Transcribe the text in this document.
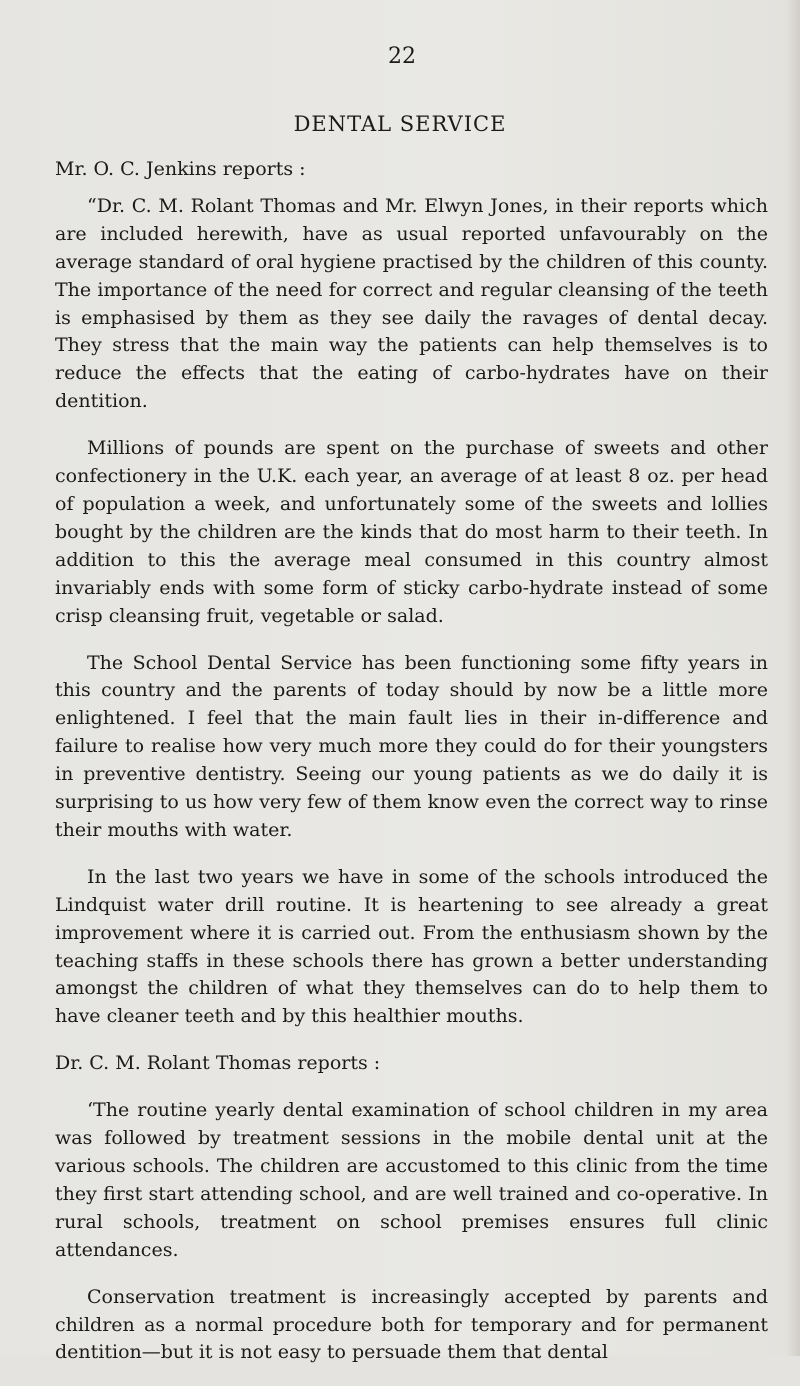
22
DENTAL SERVICE

Mr. O. C. Jenkins reports :

“Dr. C. M. Rolant Thomas and Mr. Elwyn Jones, in their reports which are included herewith, have as usual reported unfavourably on the average standard of oral hygiene practised by the children of this county. The importance of the need for correct and regular cleansing of the teeth is emphasised by them as they see daily the ravages of dental decay. They stress that the main way the patients can help themselves is to reduce the effects that the eating of carbo-hydrates have on their dentition.

Millions of pounds are spent on the purchase of sweets and other confectionery in the U.K. each year, an average of at least 8 oz. per head of population a week, and unfortunately some of the sweets and lollies bought by the children are the kinds that do most harm to their teeth. In addition to this the average meal consumed in this country almost invariably ends with some form of sticky carbo-hydrate instead of some crisp cleansing fruit, vegetable or salad.

The School Dental Service has been functioning some fifty years in this country and the parents of today should by now be a little more enlightened. I feel that the main fault lies in their in-difference and failure to realise how very much more they could do for their youngsters in preventive dentistry. Seeing our young patients as we do daily it is surprising to us how very few of them know even the correct way to rinse their mouths with water.

In the last two years we have in some of the schools introduced the Lindquist water drill routine. It is heartening to see already a great improvement where it is carried out. From the enthusiasm shown by the teaching staffs in these schools there has grown a better understanding amongst the children of what they themselves can do to help them to have cleaner teeth and by this healthier mouths.

Dr. C. M. Rolant Thomas reports :

‘The routine yearly dental examination of school children in my area was followed by treatment sessions in the mobile dental unit at the various schools. The children are accustomed to this clinic from the time they first start attending school, and are well trained and co-operative. In rural schools, treatment on school premises ensures full clinic attendances.

Conservation treatment is increasingly accepted by parents and children as a normal procedure both for temporary and for permanent dentition—but it is not easy to persuade them that dental
